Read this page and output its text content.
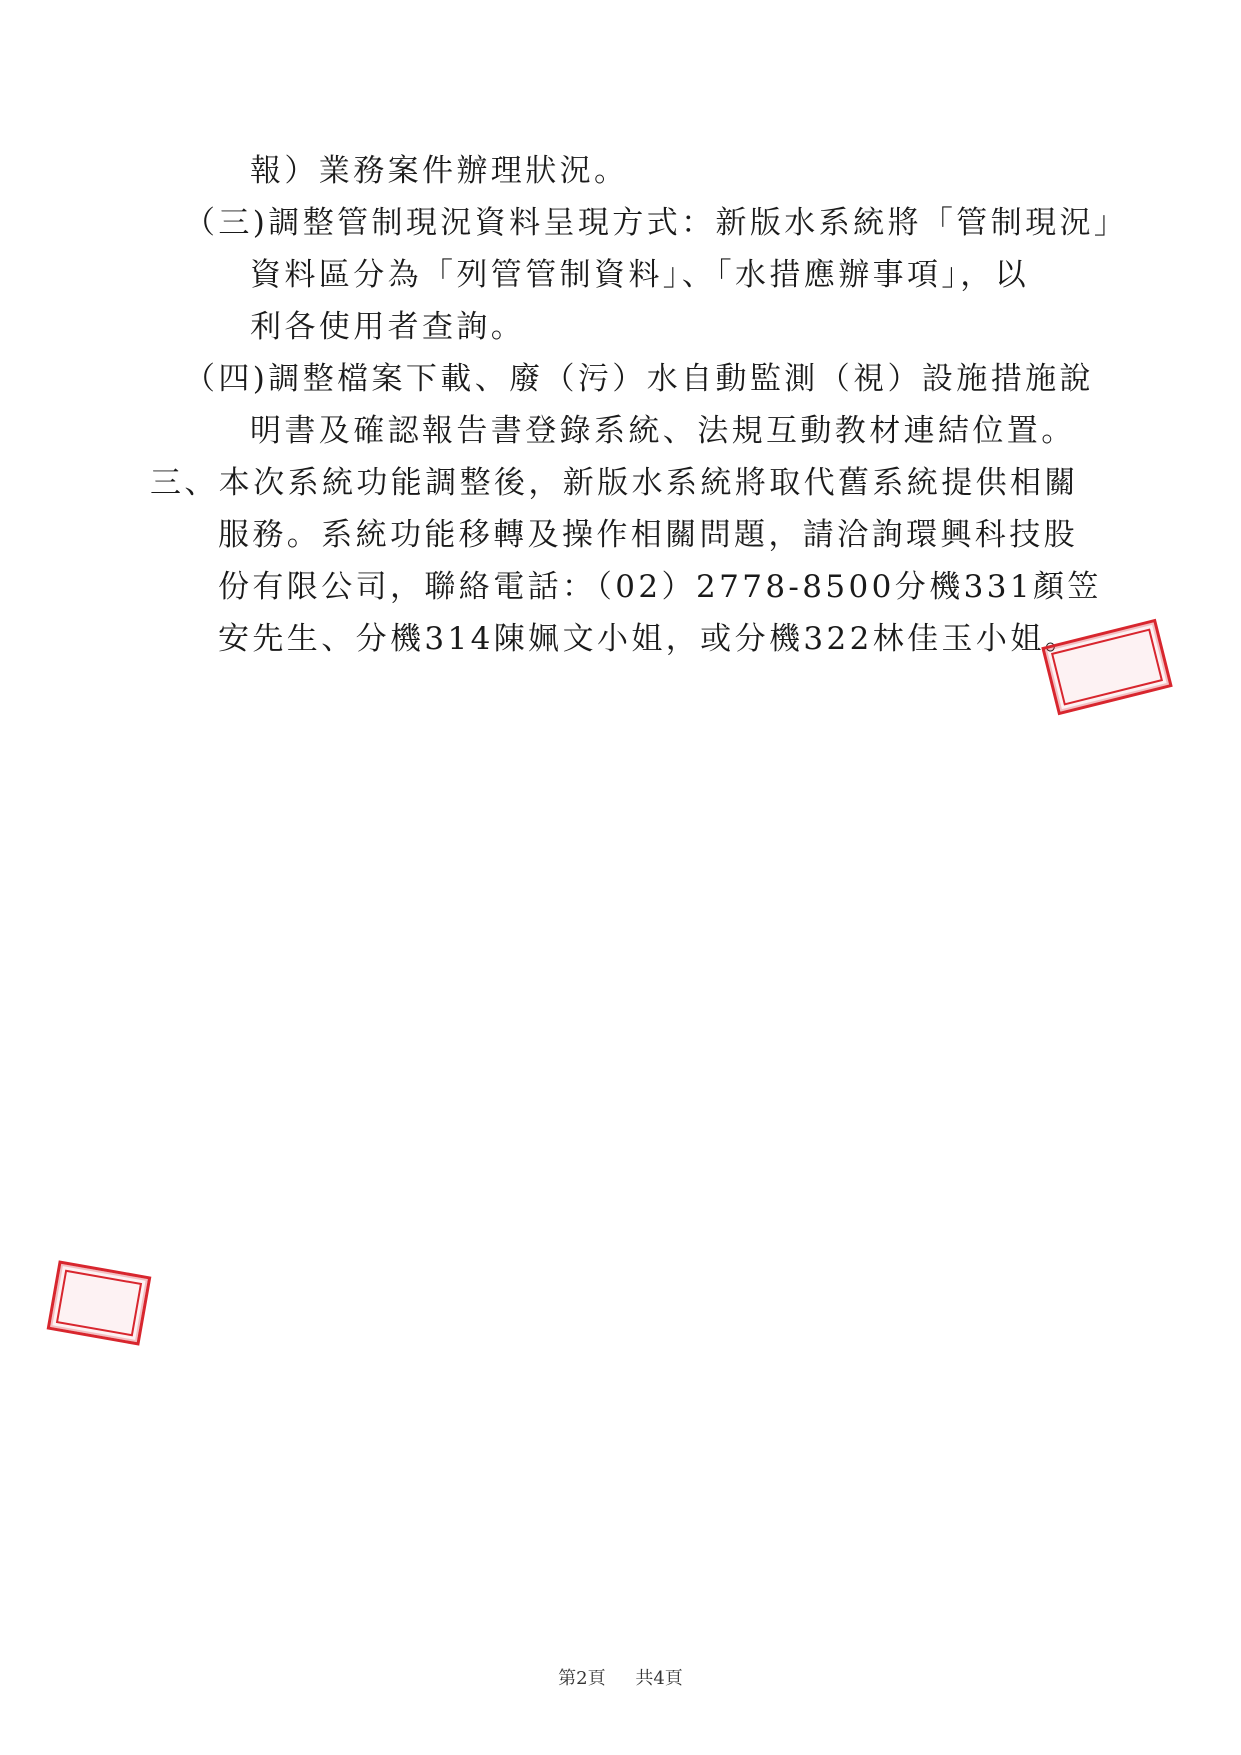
報）業務案件辦理狀況。
（三)調整管制現況資料呈現方式：新版水系統將「管制現況」
資料區分為「列管管制資料」、「水措應辦事項」，以
利各使用者查詢。
（四)調整檔案下載、廢（污）水自動監測（視）設施措施說
明書及確認報告書登錄系統、法規互動教材連結位置。
三、本次系統功能調整後，新版水系統將取代舊系統提供相關
服務。系統功能移轉及操作相關問題，請洽詢環興科技股
份有限公司，聯絡電話：（02）2778-8500分機331顏笠
安先生、分機314陳姵文小姐，或分機322林佳玉小姐。
第2頁 共4頁
